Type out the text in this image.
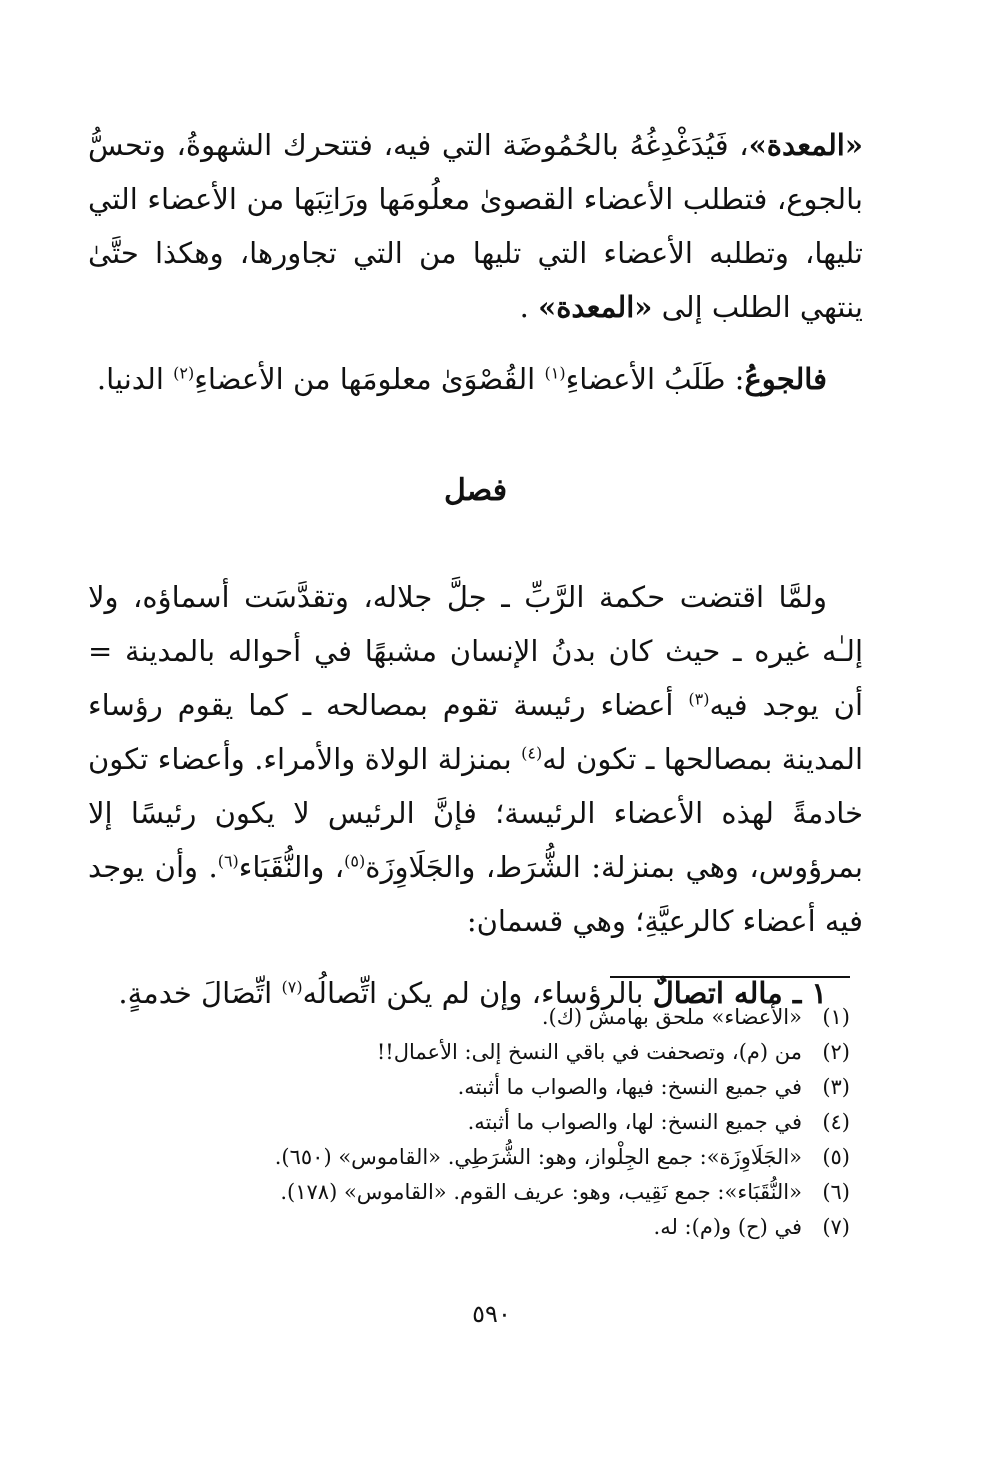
«المعدة»، فَيُدَغْدِغُهُ بالحُمُوضَة التي فيه، فتتحرك الشهوةُ، وتحسُّ بالجوع، فتطلب الأعضاء القصوىٰ معلُومَها ورَاتِبَها من الأعضاء التي تليها، وتطلبه الأعضاء التي تليها من التي تجاورها، وهكذا حتَّىٰ ينتهي الطلب إلى «المعدة» .

فالجوعُ: طَلَبُ الأعضاءِ$^{(١)}$ القُصْوَىٰ معلومَها من الأعضاءِ$^{(٢)}$ الدنيا.

فصل

ولمَّا اقتضت حكمة الرَّبِّ ـ جلَّ جلاله، وتقدَّسَت أسماؤه، ولا إلـٰه غيره ـ حيث كان بدنُ الإنسان مشبهًا في أحواله بالمدينة = أن يوجد فيه$^{(٣)}$ أعضاء رئيسة تقوم بمصالحه ـ كما يقوم رؤساء المدينة بمصالحها ـ تكون له$^{(٤)}$ بمنزلة الولاة والأمراء. وأعضاء تكون خادمةً لهذه الأعضاء الرئيسة؛ فإنَّ الرئيس لا يكون رئيسًا إلا بمرؤوس، وهي بمنزلة: الشُّرَط، والجَلَاوِزَة$^{(٥)}$، والنُّقَبَاء$^{(٦)}$. وأن يوجد فيه أعضاء كالرعيَّةِ؛ وهي قسمان:

١ ـ ماله اتصالٌ بالرؤساء، وإن لم يكن اتِّصالُه$^{(٧)}$ اتِّصَالَ خدمةٍ.

(١)
«الأعضاء» ملحق بهامش (ك).
(٢)
من (م)، وتصحفت في باقي النسخ إلى: الأعمال!!
(٣)
في جميع النسخ: فيها، والصواب ما أثبته.
(٤)
في جميع النسخ: لها، والصواب ما أثبته.
(٥)
«الجَلَاوِزَة»: جمع الجِلْواز، وهو: الشُّرَطِي. «القاموس» (٦٥٠).
(٦)
«النُّقَبَاء»: جمع نَقِيب، وهو: عريف القوم. «القاموس» (١٧٨).
(٧)
في (ح) و(م): له.
٥٩٠
